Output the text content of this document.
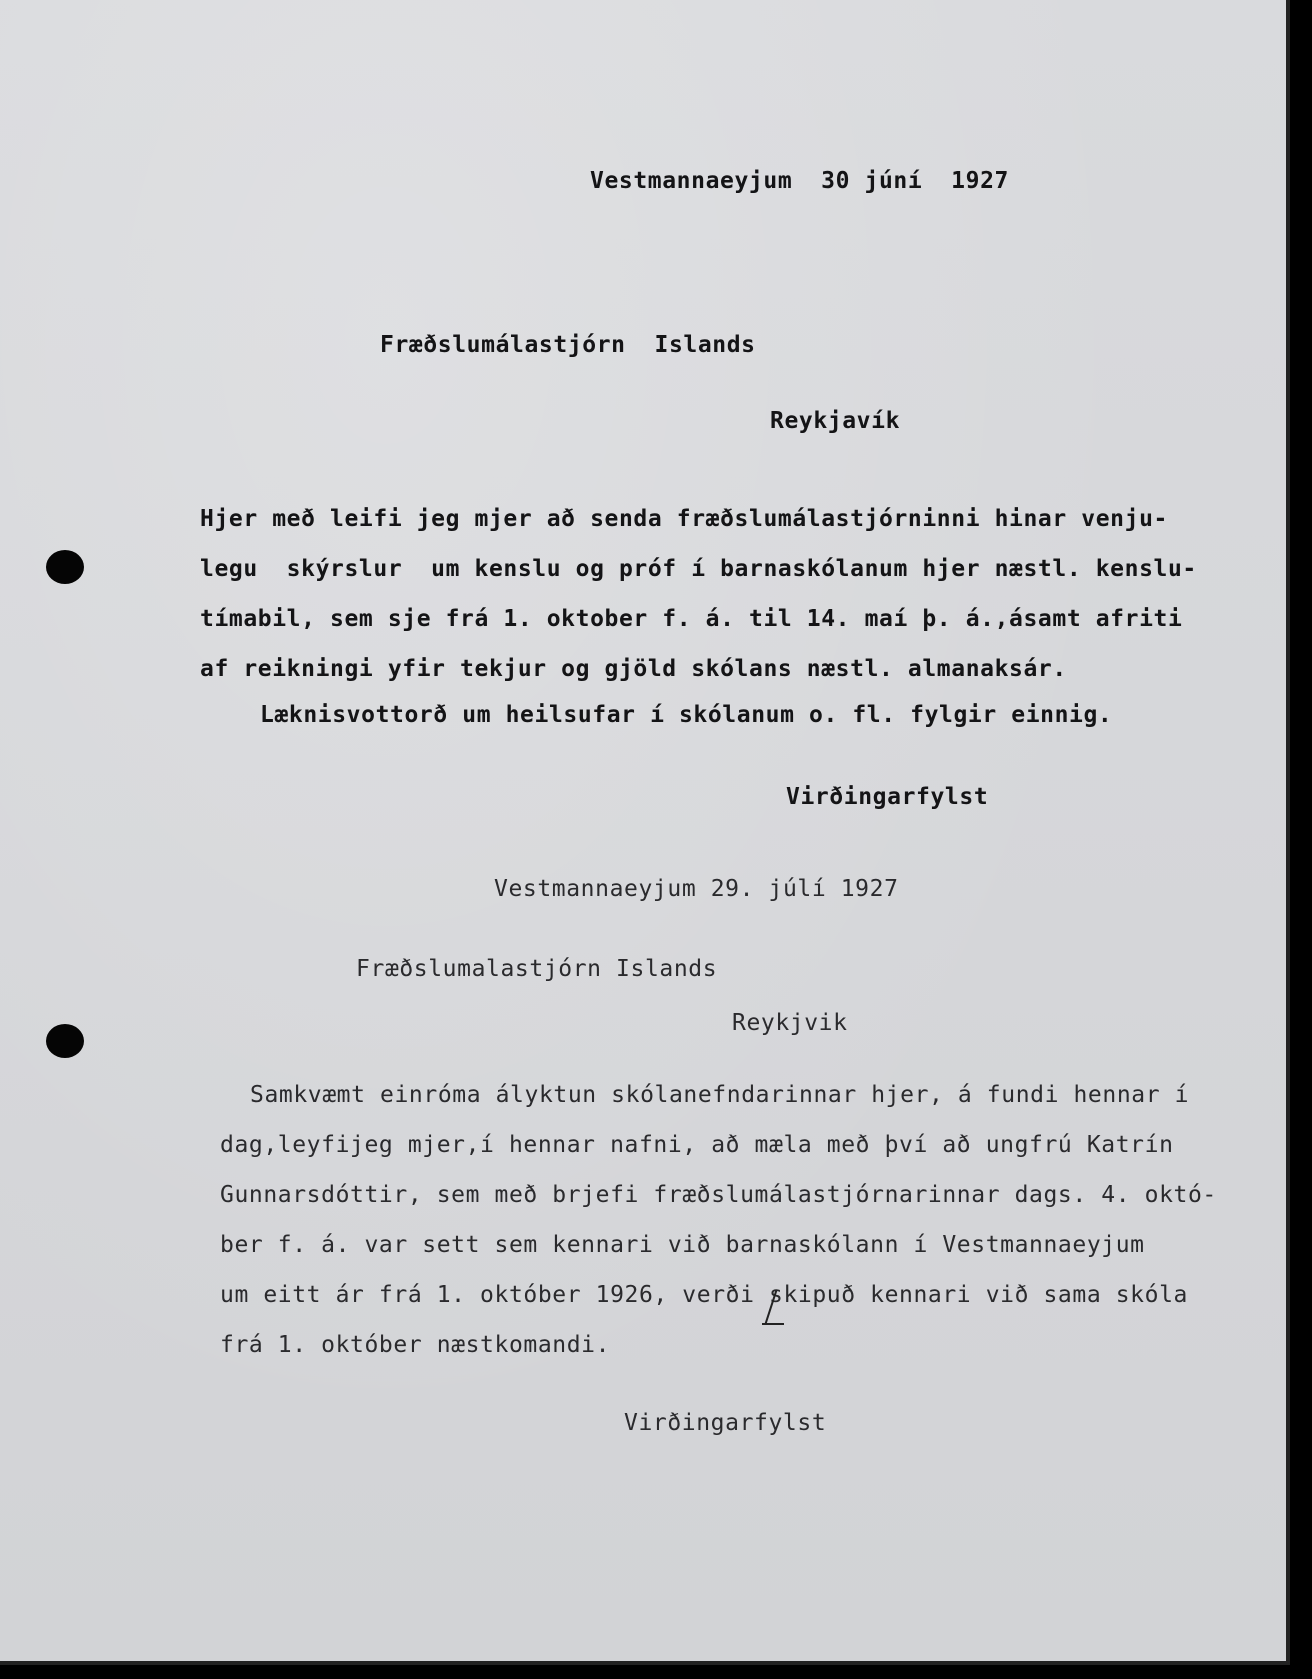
Vestmannaeyjum  30 júní  1927
Fræðslumálastjórn  Islands
Reykjavík
Hjer með leifi jeg mjer að senda fræðslumálastjórninni hinar venju-
legu  skýrslur  um kenslu og próf í barnaskólanum hjer næstl. kenslu-
tímabil, sem sje frá 1. oktober f. á. til 14. maí þ. á.,ásamt afriti
af reikningi yfir tekjur og gjöld skólans næstl. almanaksár.
Læknisvottorð um heilsufar í skólanum o. fl. fylgir einnig.
Virðingarfylst
Vestmannaeyjum 29. júlí 1927
Fræðslumalastjórn Islands
Reykjvik
Samkvæmt einróma ályktun skólanefndarinnar hjer, á fundi hennar í
dag,leyfijeg mjer,í hennar nafni, að mæla með því að ungfrú Katrín
Gunnarsdóttir, sem með brjefi fræðslumálastjórnarinnar dags. 4. októ-
ber f. á. var sett sem kennari við barnaskólann í Vestmannaeyjum
um eitt ár frá 1. október 1926, verði skipuð kennari við sama skóla
frá 1. október næstkomandi.
Virðingarfylst
